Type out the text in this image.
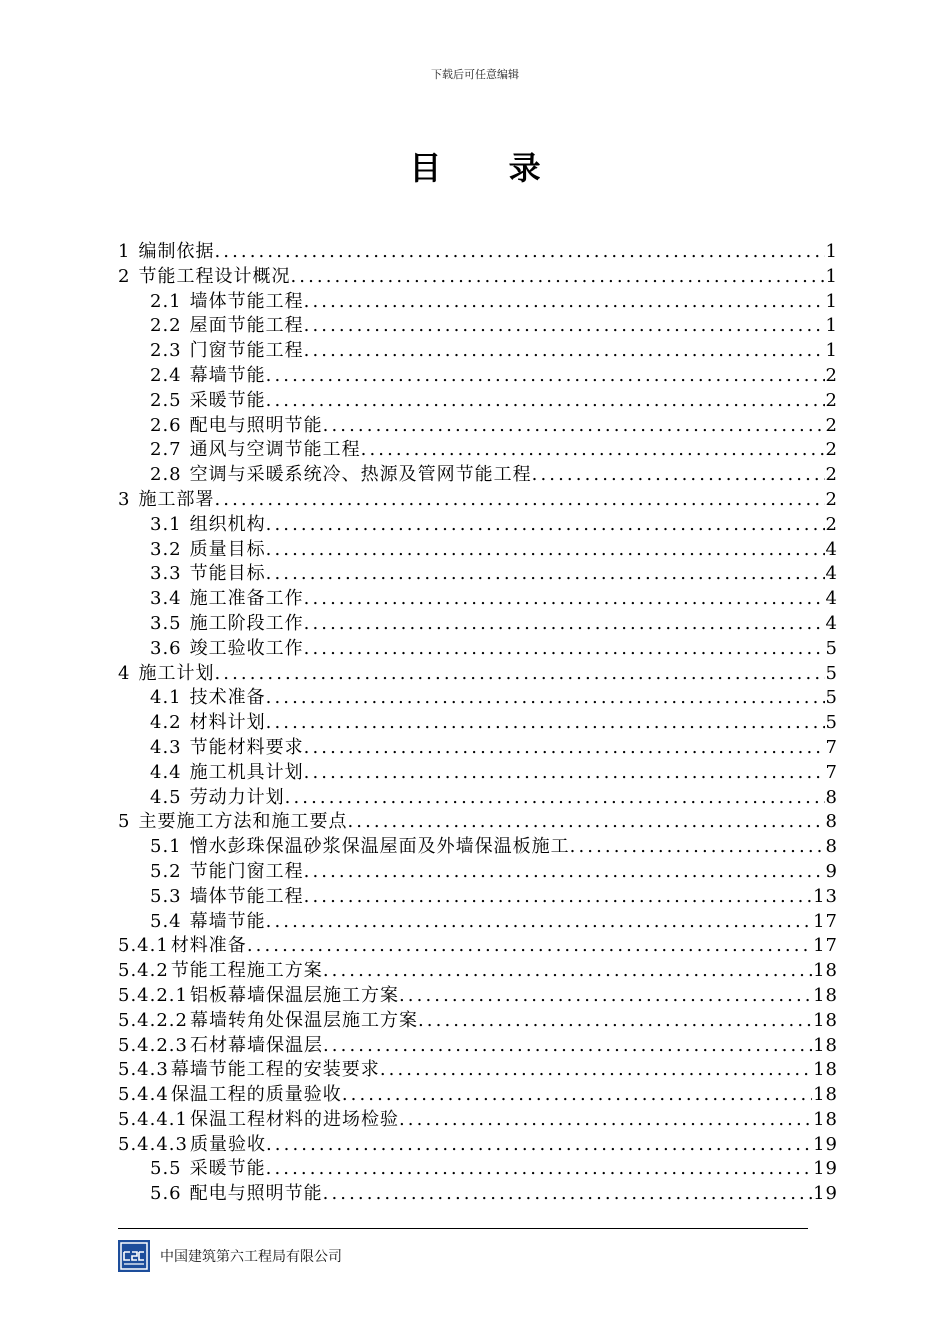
下载后可任意编辑
目 录
1 编制依据 .....	1
2 节能工程设计概况 .....	1
2.1 墙体节能工程 .....	1
2.2 屋面节能工程 .....	1
2.3 门窗节能工程 .....	1
2.4 幕墙节能 .....	2
2.5 采暖节能 .....	2
2.6 配电与照明节能 .....	2
2.7 通风与空调节能工程 .....	2
2.8 空调与采暖系统冷、热源及管网节能工程 .....	2
3 施工部署 .....	2
3.1 组织机构 .....	2
3.2 质量目标 .....	4
3.3 节能目标 .....	4
3.4 施工准备工作 .....	4
3.5 施工阶段工作 .....	4
3.6 竣工验收工作 .....	5
4 施工计划 .....	5
4.1 技术准备 .....	5
4.2 材料计划 .....	5
4.3 节能材料要求 .....	7
4.4 施工机具计划 .....	7
4.5 劳动力计划 .....	8
5 主要施工方法和施工要点 .....	8
5.1 憎水彭珠保温砂浆保温屋面及外墙保温板施工 .....	8
5.2 节能门窗工程 .....	9
5.3 墙体节能工程 .....	13
5.4 幕墙节能 .....	17
5.4.1 材料准备 .....	17
5.4.2 节能工程施工方案 .....	18
5.4.2.1 铝板幕墙保温层施工方案 .....	18
5.4.2.2 幕墙转角处保温层施工方案 .....	18
5.4.2.3 石材幕墙保温层 .....	18
5.4.3 幕墙节能工程的安装要求 .....	18
5.4.4 保温工程的质量验收 .....	18
5.4.4.1 保温工程材料的进场检验 .....	18
5.4.4.3 质量验收 .....	19
5.5 采暖节能 .....	19
5.6 配电与照明节能 .....	19
中国建筑第六工程局有限公司
